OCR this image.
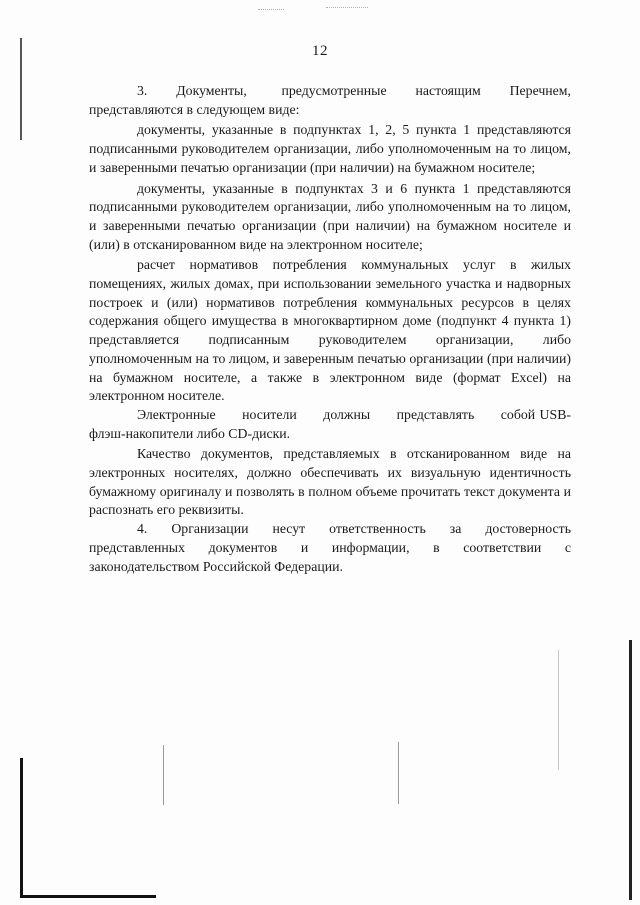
12

3.     Документы,      предусмотренные     настоящим     Перечнем, представляются в следующем виде:

документы, указанные в подпунктах 1, 2, 5 пункта 1 представляются подписанными руководителем организации, либо уполномоченным на то лицом, и заверенными печатью организации (при наличии) на бумажном носителе;

документы, указанные в подпунктах 3 и 6 пункта 1 представляются подписанными руководителем организации, либо уполномоченным на то лицом, и заверенными печатью организации (при наличии) на бумажном носителе и (или) в отсканированном виде на электронном носителе;

расчет нормативов потребления коммунальных услуг в жилых помещениях, жилых домах, при использовании земельного участка и надворных построек и (или) нормативов потребления коммунальных ресурсов в целях содержания общего имущества в многоквартирном доме (подпункт 4 пункта 1) представляется подписанным руководителем организации, либо уполномоченным на то лицом, и заверенным печатью организации (при наличии) на бумажном носителе, а также в электронном виде (формат Excel) на электронном носителе.

Электронные      носители      должны      представлять      собой USB-флэш-накопители либо CD-диски.

Качество документов, представляемых в отсканированном виде на электронных носителях, должно обеспечивать их визуальную идентичность бумажному оригиналу и позволять в полном объеме прочитать текст документа и распознать его реквизиты.

4.    Организации    несут    ответственность    за    достоверность представленных    документов    и    информации,    в    соответствии    с законодательством Российской Федерации.
